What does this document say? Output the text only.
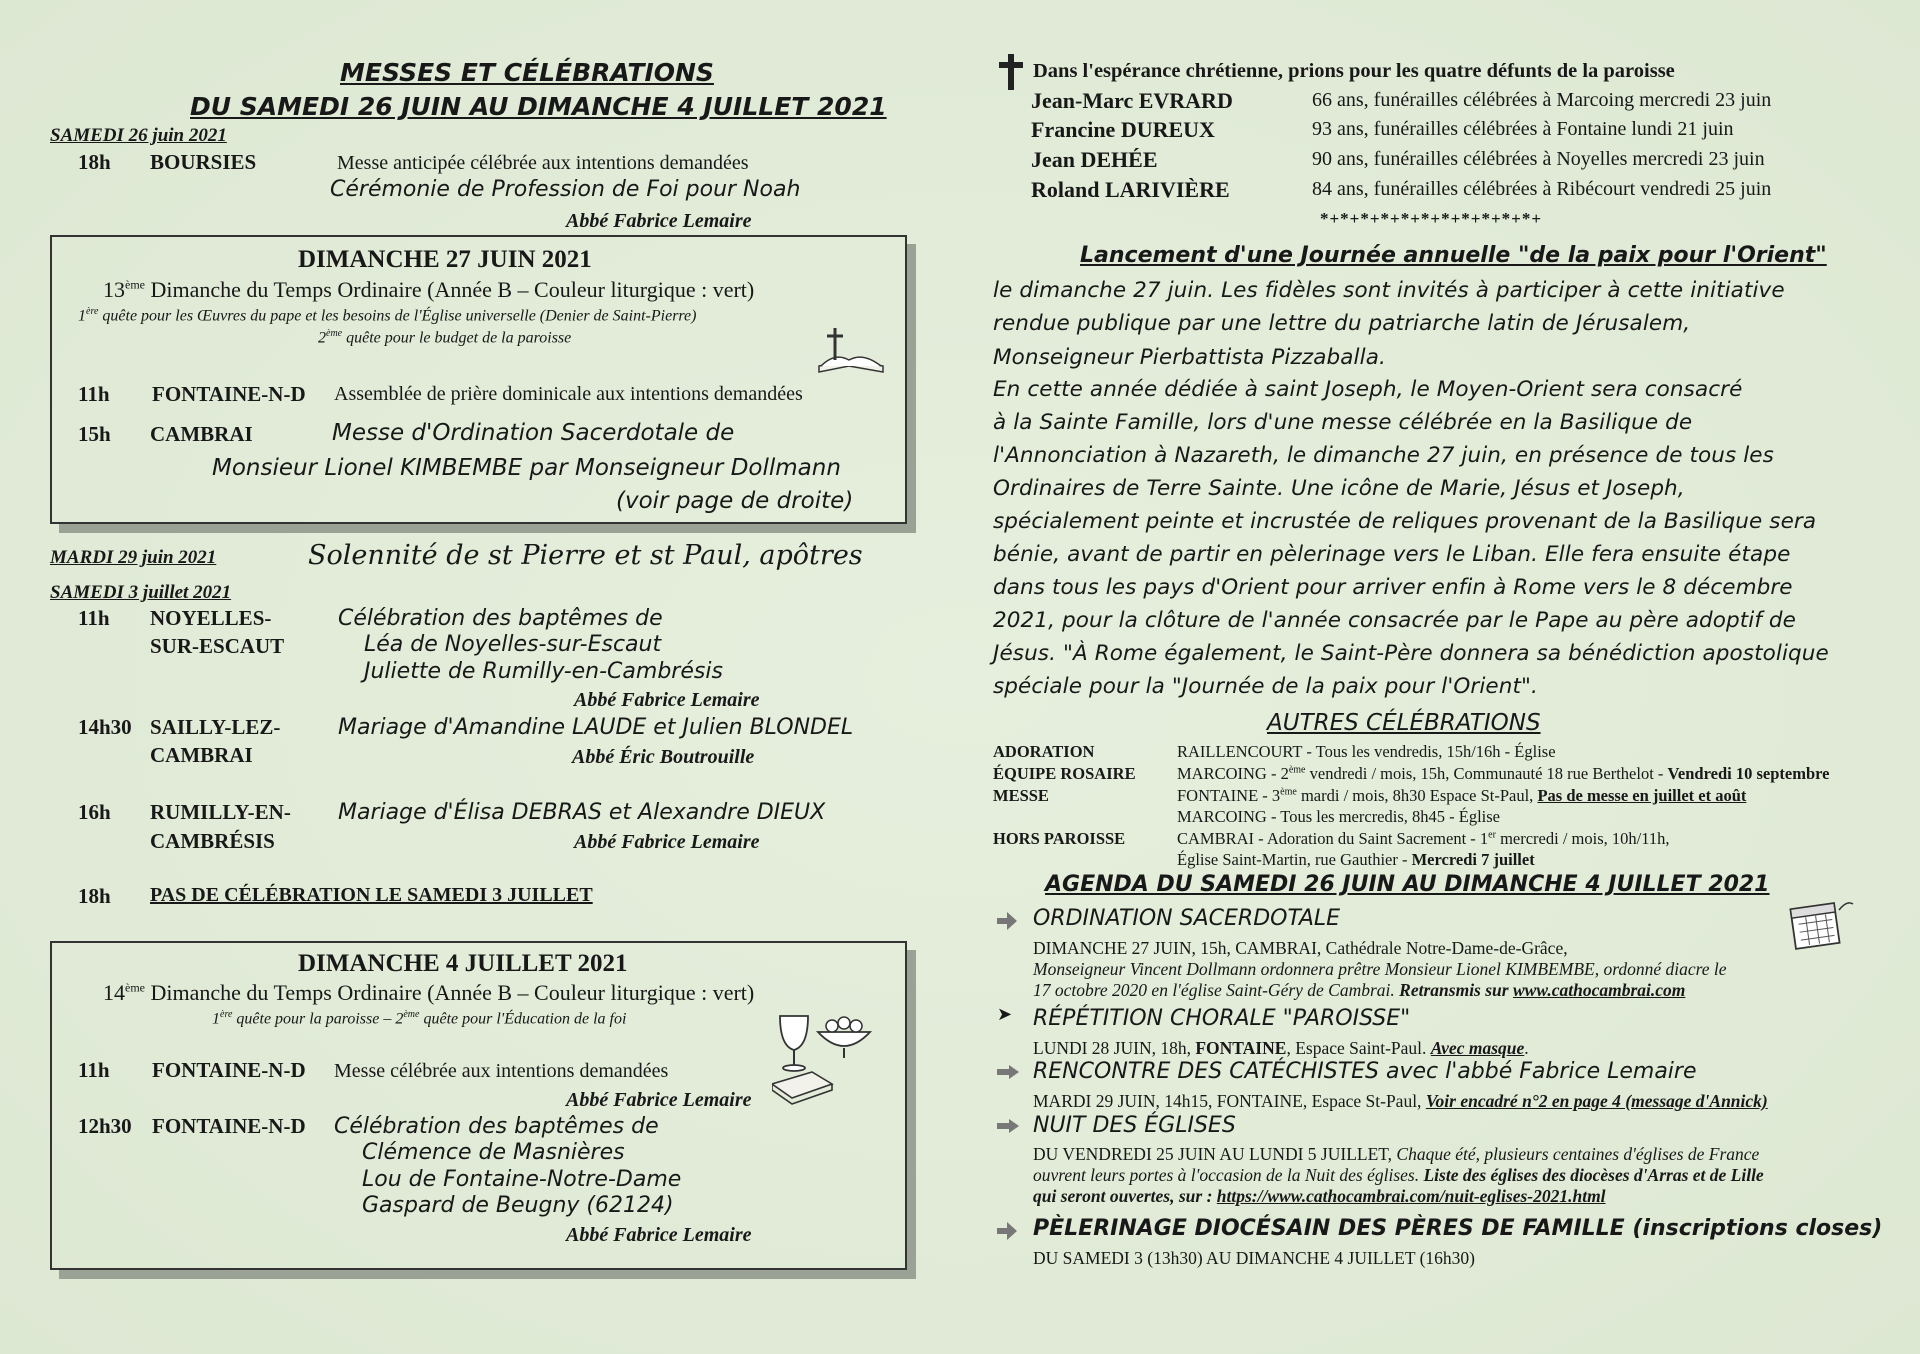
MESSES ET CÉLÉBRATIONS
DU SAMEDI 26 JUIN AU DIMANCHE 4 JUILLET 2021
SAMEDI 26 juin 2021
18h BOURSIES	Messe anticipée célébrée aux intentions demandées
Cérémonie de Profession de Foi pour Noah
Abbé Fabrice Lemaire
DIMANCHE 27 JUIN 2021
13ème Dimanche du Temps Ordinaire (Année B – Couleur liturgique : vert)
1ère quête pour les Œuvres du pape et les besoins de l'Église universelle (Denier de Saint-Pierre)
2ème quête pour le budget de la paroisse
11h FONTAINE-N-D Assemblée de prière dominicale aux intentions demandées
15h CAMBRAI	Messe d'Ordination Sacerdotale de
Monsieur Lionel KIMBEMBE par Monseigneur Dollmann
(voir page de droite)
MARDI 29 juin 2021	Solennité de st Pierre et st Paul, apôtres
SAMEDI 3 juillet 2021
11h NOYELLES-
SUR-ESCAUT
Célébration des baptêmes de
Léa de Noyelles-sur-Escaut
Juliette de Rumilly-en-Cambrésis
Abbé Fabrice Lemaire
14h30 SAILLY-LEZ-
CAMBRAI
Mariage d'Amandine LAUDE et Julien BLONDEL
Abbé Éric Boutrouille
16h RUMILLY-EN-
CAMBRÉSIS
Mariage d'Élisa DEBRAS et Alexandre DIEUX
Abbé Fabrice Lemaire
18h PAS DE CÉLÉBRATION LE SAMEDI 3 JUILLET
DIMANCHE 4 JUILLET 2021
14ème Dimanche du Temps Ordinaire (Année B – Couleur liturgique : vert)
1ère quête pour la paroisse – 2ème quête pour l'Éducation de la foi
11h FONTAINE-N-D Messe célébrée aux intentions demandées
Abbé Fabrice Lemaire
12h30 FONTAINE-N-D Célébration des baptêmes de
Clémence de Masnières
Lou de Fontaine-Notre-Dame
Gaspard de Beugny (62124)
Abbé Fabrice Lemaire
Dans l'espérance chrétienne, prions pour les quatre défunts de la paroisse
Jean-Marc EVRARD	66 ans, funérailles célébrées à Marcoing mercredi 23 juin
Francine DUREUX	93 ans, funérailles célébrées à Fontaine lundi 21 juin
Jean DEHÉE	90 ans, funérailles célébrées à Noyelles mercredi 23 juin
Roland LARIVIÈRE	84 ans, funérailles célébrées à Ribécourt vendredi 25 juin
*+*+*+*+*+*+*+*+*+*+*+
Lancement d'une Journée annuelle "de la paix pour l'Orient"
le dimanche 27 juin. Les fidèles sont invités à participer à cette initiative
rendue publique par une lettre du patriarche latin de Jérusalem,
Monseigneur Pierbattista Pizzaballa.
En cette année dédiée à saint Joseph, le Moyen-Orient sera consacré
à la Sainte Famille, lors d'une messe célébrée en la Basilique de
l'Annonciation à Nazareth, le dimanche 27 juin, en présence de tous les
Ordinaires de Terre Sainte. Une icône de Marie, Jésus et Joseph,
spécialement peinte et incrustée de reliques provenant de la Basilique sera
bénie, avant de partir en pèlerinage vers le Liban. Elle fera ensuite étape
dans tous les pays d'Orient pour arriver enfin à Rome vers le 8 décembre
2021, pour la clôture de l'année consacrée par le Pape au père adoptif de
Jésus. "À Rome également, le Saint-Père donnera sa bénédiction apostolique
spéciale pour la "Journée de la paix pour l'Orient".
AUTRES CÉLÉBRATIONS
ADORATION	RAILLENCOURT - Tous les vendredis, 15h/16h - Église
ÉQUIPE ROSAIRE	MARCOING - 2ème vendredi / mois, 15h, Communauté 18 rue Berthelot - Vendredi 10 septembre
MESSE	FONTAINE - 3ème mardi / mois, 8h30 Espace St-Paul, Pas de messe en juillet et août
MARCOING - Tous les mercredis, 8h45 - Église
HORS PAROISSE	CAMBRAI - Adoration du Saint Sacrement - 1er mercredi / mois, 10h/11h,
Église Saint-Martin, rue Gauthier - Mercredi 7 juillet
AGENDA DU SAMEDI 26 JUIN AU DIMANCHE 4 JUILLET 2021
ORDINATION SACERDOTALE
DIMANCHE 27 JUIN, 15h, CAMBRAI, Cathédrale Notre-Dame-de-Grâce,
Monseigneur Vincent Dollmann ordonnera prêtre Monsieur Lionel KIMBEMBE, ordonné diacre le
17 octobre 2020 en l'église Saint-Géry de Cambrai. Retransmis sur www.cathocambrai.com
➤ RÉPÉTITION CHORALE "PAROISSE"
LUNDI 28 JUIN, 18h, FONTAINE, Espace Saint-Paul. Avec masque.
RENCONTRE DES CATÉCHISTES avec l'abbé Fabrice Lemaire
MARDI 29 JUIN, 14h15, FONTAINE, Espace St-Paul, Voir encadré n°2 en page 4 (message d'Annick)
NUIT DES ÉGLISES
DU VENDREDI 25 JUIN AU LUNDI 5 JUILLET, Chaque été, plusieurs centaines d'églises de France
ouvrent leurs portes à l'occasion de la Nuit des églises. Liste des églises des diocèses d'Arras et de Lille
qui seront ouvertes, sur : https://www.cathocambrai.com/nuit-eglises-2021.html
PÈLERINAGE DIOCÉSAIN DES PÈRES DE FAMILLE (inscriptions closes)
DU SAMEDI 3 (13h30) AU DIMANCHE 4 JUILLET (16h30)
